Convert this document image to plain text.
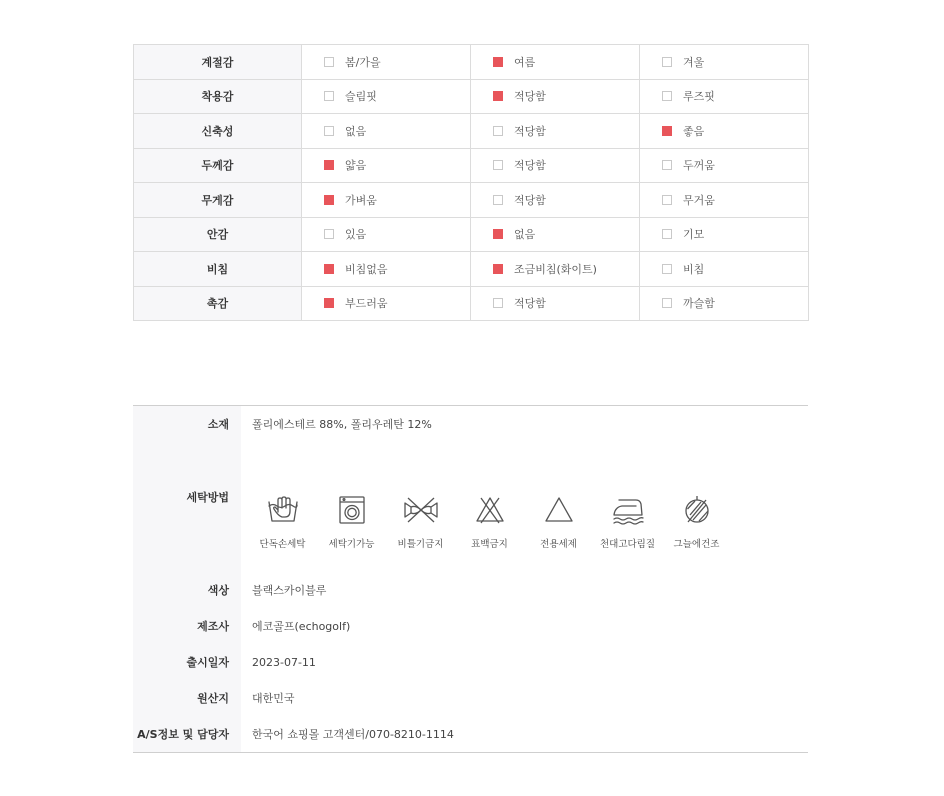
계절감	봄/가을	여름	겨울

착용감	슬림핏	적당함	루즈핏

신축성	없음	적당함	좋음

두께감	얇음	적당함	두꺼움

무게감	가벼움	적당함	무거움

안감	있음	없음	기모

비침	비침없음	조금비침(화이트)	비침

촉감	부드러움	적당함	까슬함
소재	폴리에스테르 88%, 폴리우레탄 12%
세탁방법
단독손세탁	세탁기가능	비틀기금지	표백금지	전용세제	천대고다림질	그늘에건조
색상	블랙스카이블루
제조사	에코골프(echogolf)
출시일자	2023-07-11
원산지	대한민국
A/S정보 및 담당자	한국어 쇼핑몰 고객센터/070-8210-1114
